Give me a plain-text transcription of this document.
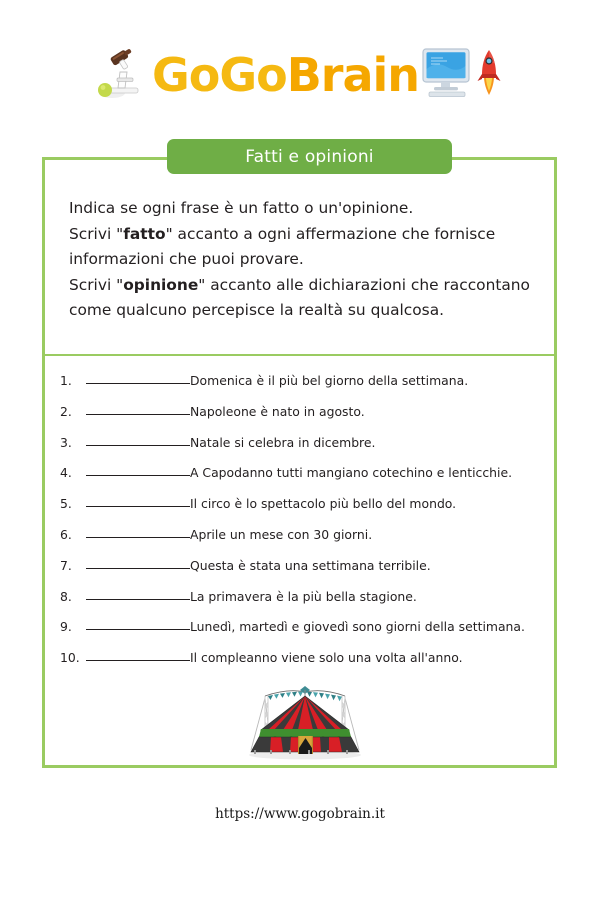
GoGoBrain
Fatti e opinioni
Indica se ogni frase è un fatto o un'opinione.
Scrivi "fatto" accanto a ogni affermazione che fornisce informazioni che puoi provare.
Scrivi "opinione" accanto alle dichiarazioni che raccontano come qualcuno percepisce la realtà su qualcosa.
1.	Domenica è il più bel giorno della settimana.
2.	Napoleone è nato in agosto.
3.	Natale si celebra in dicembre.
4.	A Capodanno tutti mangiano cotechino e lenticchie.
5.	Il circo è lo spettacolo più bello del mondo.
6.	Aprile un mese con 30 giorni.
7.	Questa è stata una settimana terribile.
8.	La primavera è la più bella stagione.
9.	Lunedì, martedì e giovedì sono giorni della settimana.
10.	Il compleanno viene solo una volta all'anno.
https://www.gogobrain.it
